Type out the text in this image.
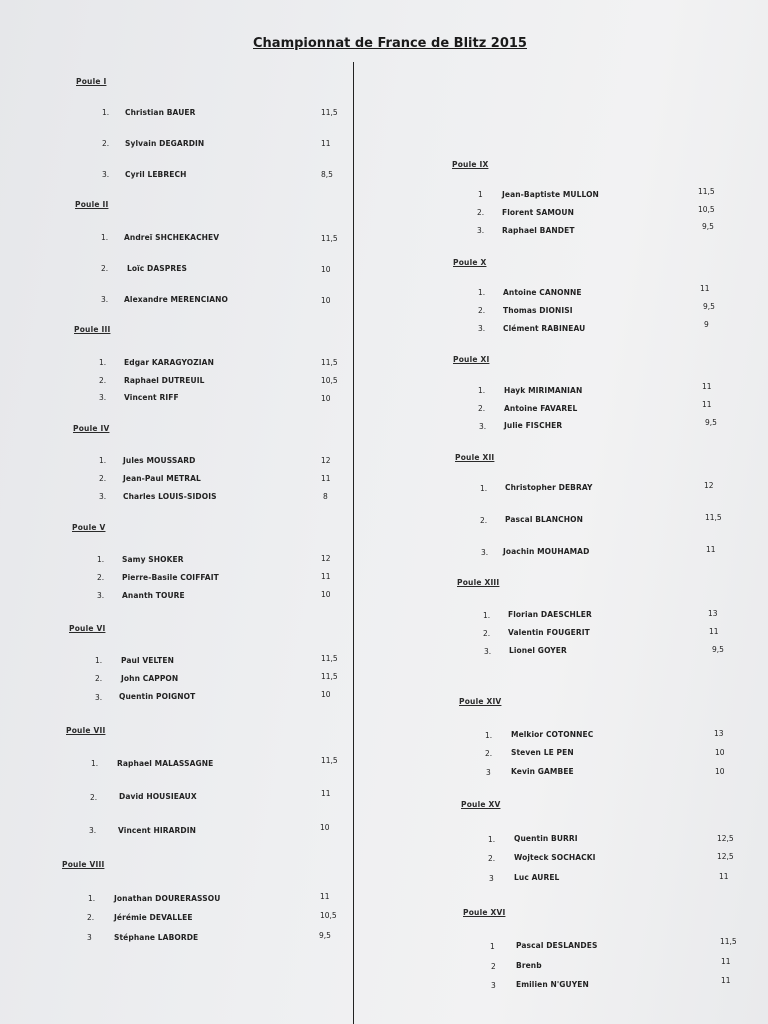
Championnat de France de Blitz 2015
Poule I
1. Christian BAUER	11,5
2. Sylvain DEGARDIN	11
3. Cyril LEBRECH	8,5
Poule II
1. Andreï SHCHEKACHEV	11,5
2.	Loïc DASPRES	10
3. Alexandre MERENCIANO	10
Poule III
1. Edgar KARAGYOZIAN	11,5
2. Raphael DUTREUIL	10,5
3. Vincent RIFF	10
Poule IV
1. Jules MOUSSARD	12
2. Jean-Paul METRAL	11
3. Charles LOUIS-SIDOIS	8
Poule V
1. Samy SHOKER	12
2. Pierre-Basile COIFFAIT	11
3. Ananth TOURE	10
Poule VI
1.	Paul VELTEN	11,5
2.	John CAPPON	11,5
3. Quentin POIGNOT	10
Poule VII
1.	Raphael MALASSAGNE	11,5
2.	David HOUSIEAUX	11
3.	Vincent HIRARDIN	10
Poule VIII
1.	Jonathan DOURERASSOU	11
2.	Jérémie DEVALLEE	10,5
3	Stéphane LABORDE	9,5
Poule IX
1	Jean-Baptiste MULLON	11,5
2. Florent SAMOUN	10,5
3. Raphael BANDET	9,5
Poule X
1. Antoine CANONNE	11
2. Thomas DIONISI	9,5
3. Clément RABINEAU	9
Poule XI
1.	Hayk MIRIMANIAN	11
2.	Antoine FAVAREL	11
3. Julie FISCHER	9,5
Poule XII
1. Christopher DEBRAY	12
2. Pascal BLANCHON	11,5
3. Joachin MOUHAMAD	11
Poule XIII
1. Florian DAESCHLER	13
2. Valentin FOUGERIT	11
3. Lionel GOYER	9,5
Poule XIV
1.	Melkior COTONNEC	13
2.	Steven LE PEN	10
3	Kevin GAMBEE	10
Poule XV
1.	Quentin BURRI	12,5
2.	Wojteck SOCHACKI	12,5
3	Luc AUREL	11
Poule XVI
1	Pascal DESLANDES	11,5
2	Brenb	11
3	Emilien N'GUYEN	11
